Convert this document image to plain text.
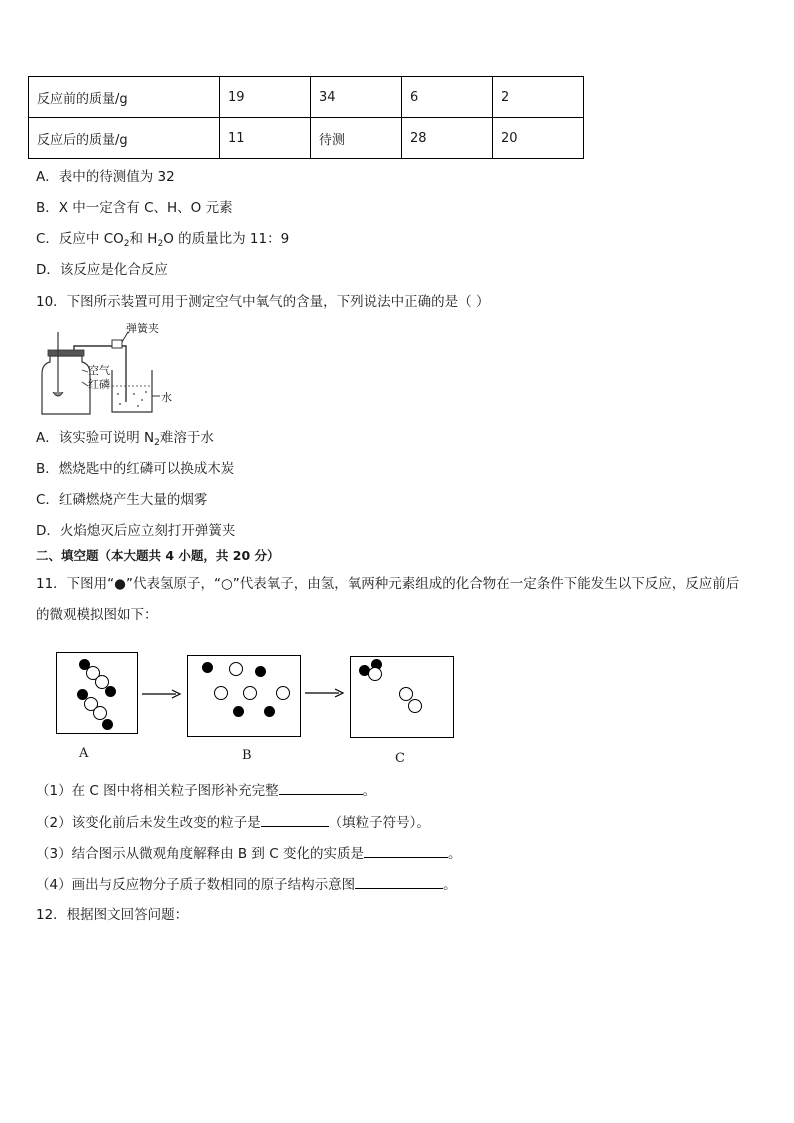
反应前的质量/g	19	34	6	2
反应后的质量/g	11	待测	28	20
A．表中的待测值为 32
B．X 中一定含有 C、H、O 元素
C．反应中 $CO_2$和 $H_2O$ 的质量比为 11：9
D．该反应是化合反应
10．下图所示装置可用于测定空气中氧气的含量，下列说法中正确的是（ ）
弹簧夹
空气
红磷
水
A．该实验可说明 $N_2$难溶于水
B．燃烧匙中的红磷可以换成木炭
C．红磷燃烧产生大量的烟雾
D．火焰熄灭后应立刻打开弹簧夹
二、填空题（本大题共 4 小题，共 20 分）
11．下图用“●”代表氢原子，“○”代表氧子，由氢，氧两种元素组成的化合物在一定条件下能发生以下反应，反应前后
的微观模拟图如下：
A	B	C
（1）在 C 图中将相关粒子图形补充完整	。
（2）该变化前后未发生改变的粒子是	（填粒子符号）。
（3）结合图示从微观角度解释由 B 到 C 变化的实质是	。
（4）画出与反应物分子质子数相同的原子结构示意图	。
12．根据图文回答问题：
